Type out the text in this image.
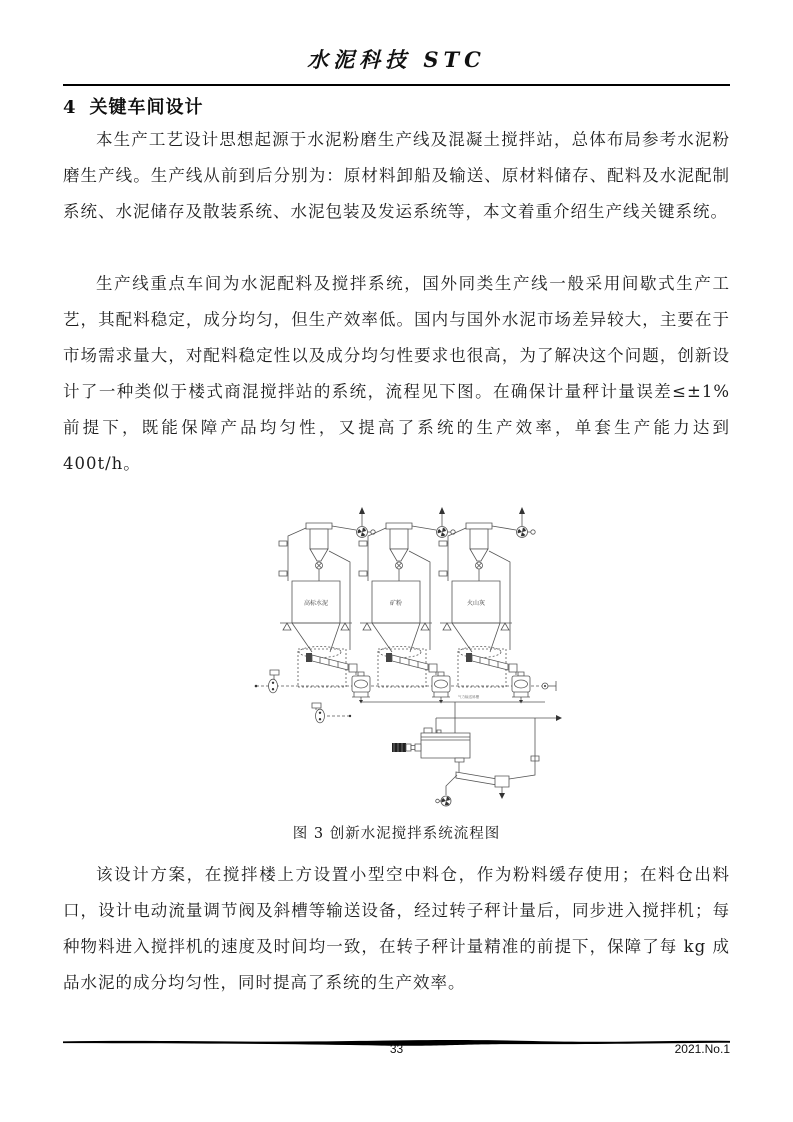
水泥科技 STC
4 关键车间设计

本生产工艺设计思想起源于水泥粉磨生产线及混凝土搅拌站，总体布局参考水泥粉磨生产线。生产线从前到后分别为：原材料卸船及输送、原材料储存、配料及水泥配制系统、水泥储存及散装系统、水泥包装及发运系统等，本文着重介绍生产线关键系统。

生产线重点车间为水泥配料及搅拌系统，国外同类生产线一般采用间歇式生产工艺，其配料稳定，成分均匀，但生产效率低。国内与国外水泥市场差异较大，主要在于市场需求量大，对配料稳定性以及成分均匀性要求也很高，为了解决这个问题，创新设计了一种类似于楼式商混搅拌站的系统，流程见下图。在确保计量秤计量误差≤±1%前提下，既能保障产品均匀性，又提高了系统的生产效率，单套生产能力达到 400t/h。

高标水泥	矿粉	火山灰
气力输送斜槽
图 3 创新水泥搅拌系统流程图

该设计方案，在搅拌楼上方设置小型空中料仓，作为粉料缓存使用；在料仓出料口，设计电动流量调节阀及斜槽等输送设备，经过转子秤计量后，同步进入搅拌机；每种物料进入搅拌机的速度及时间均一致，在转子秤计量精准的前提下，保障了每 kg 成品水泥的成分均匀性，同时提高了系统的生产效率。

33	2021.No.1
